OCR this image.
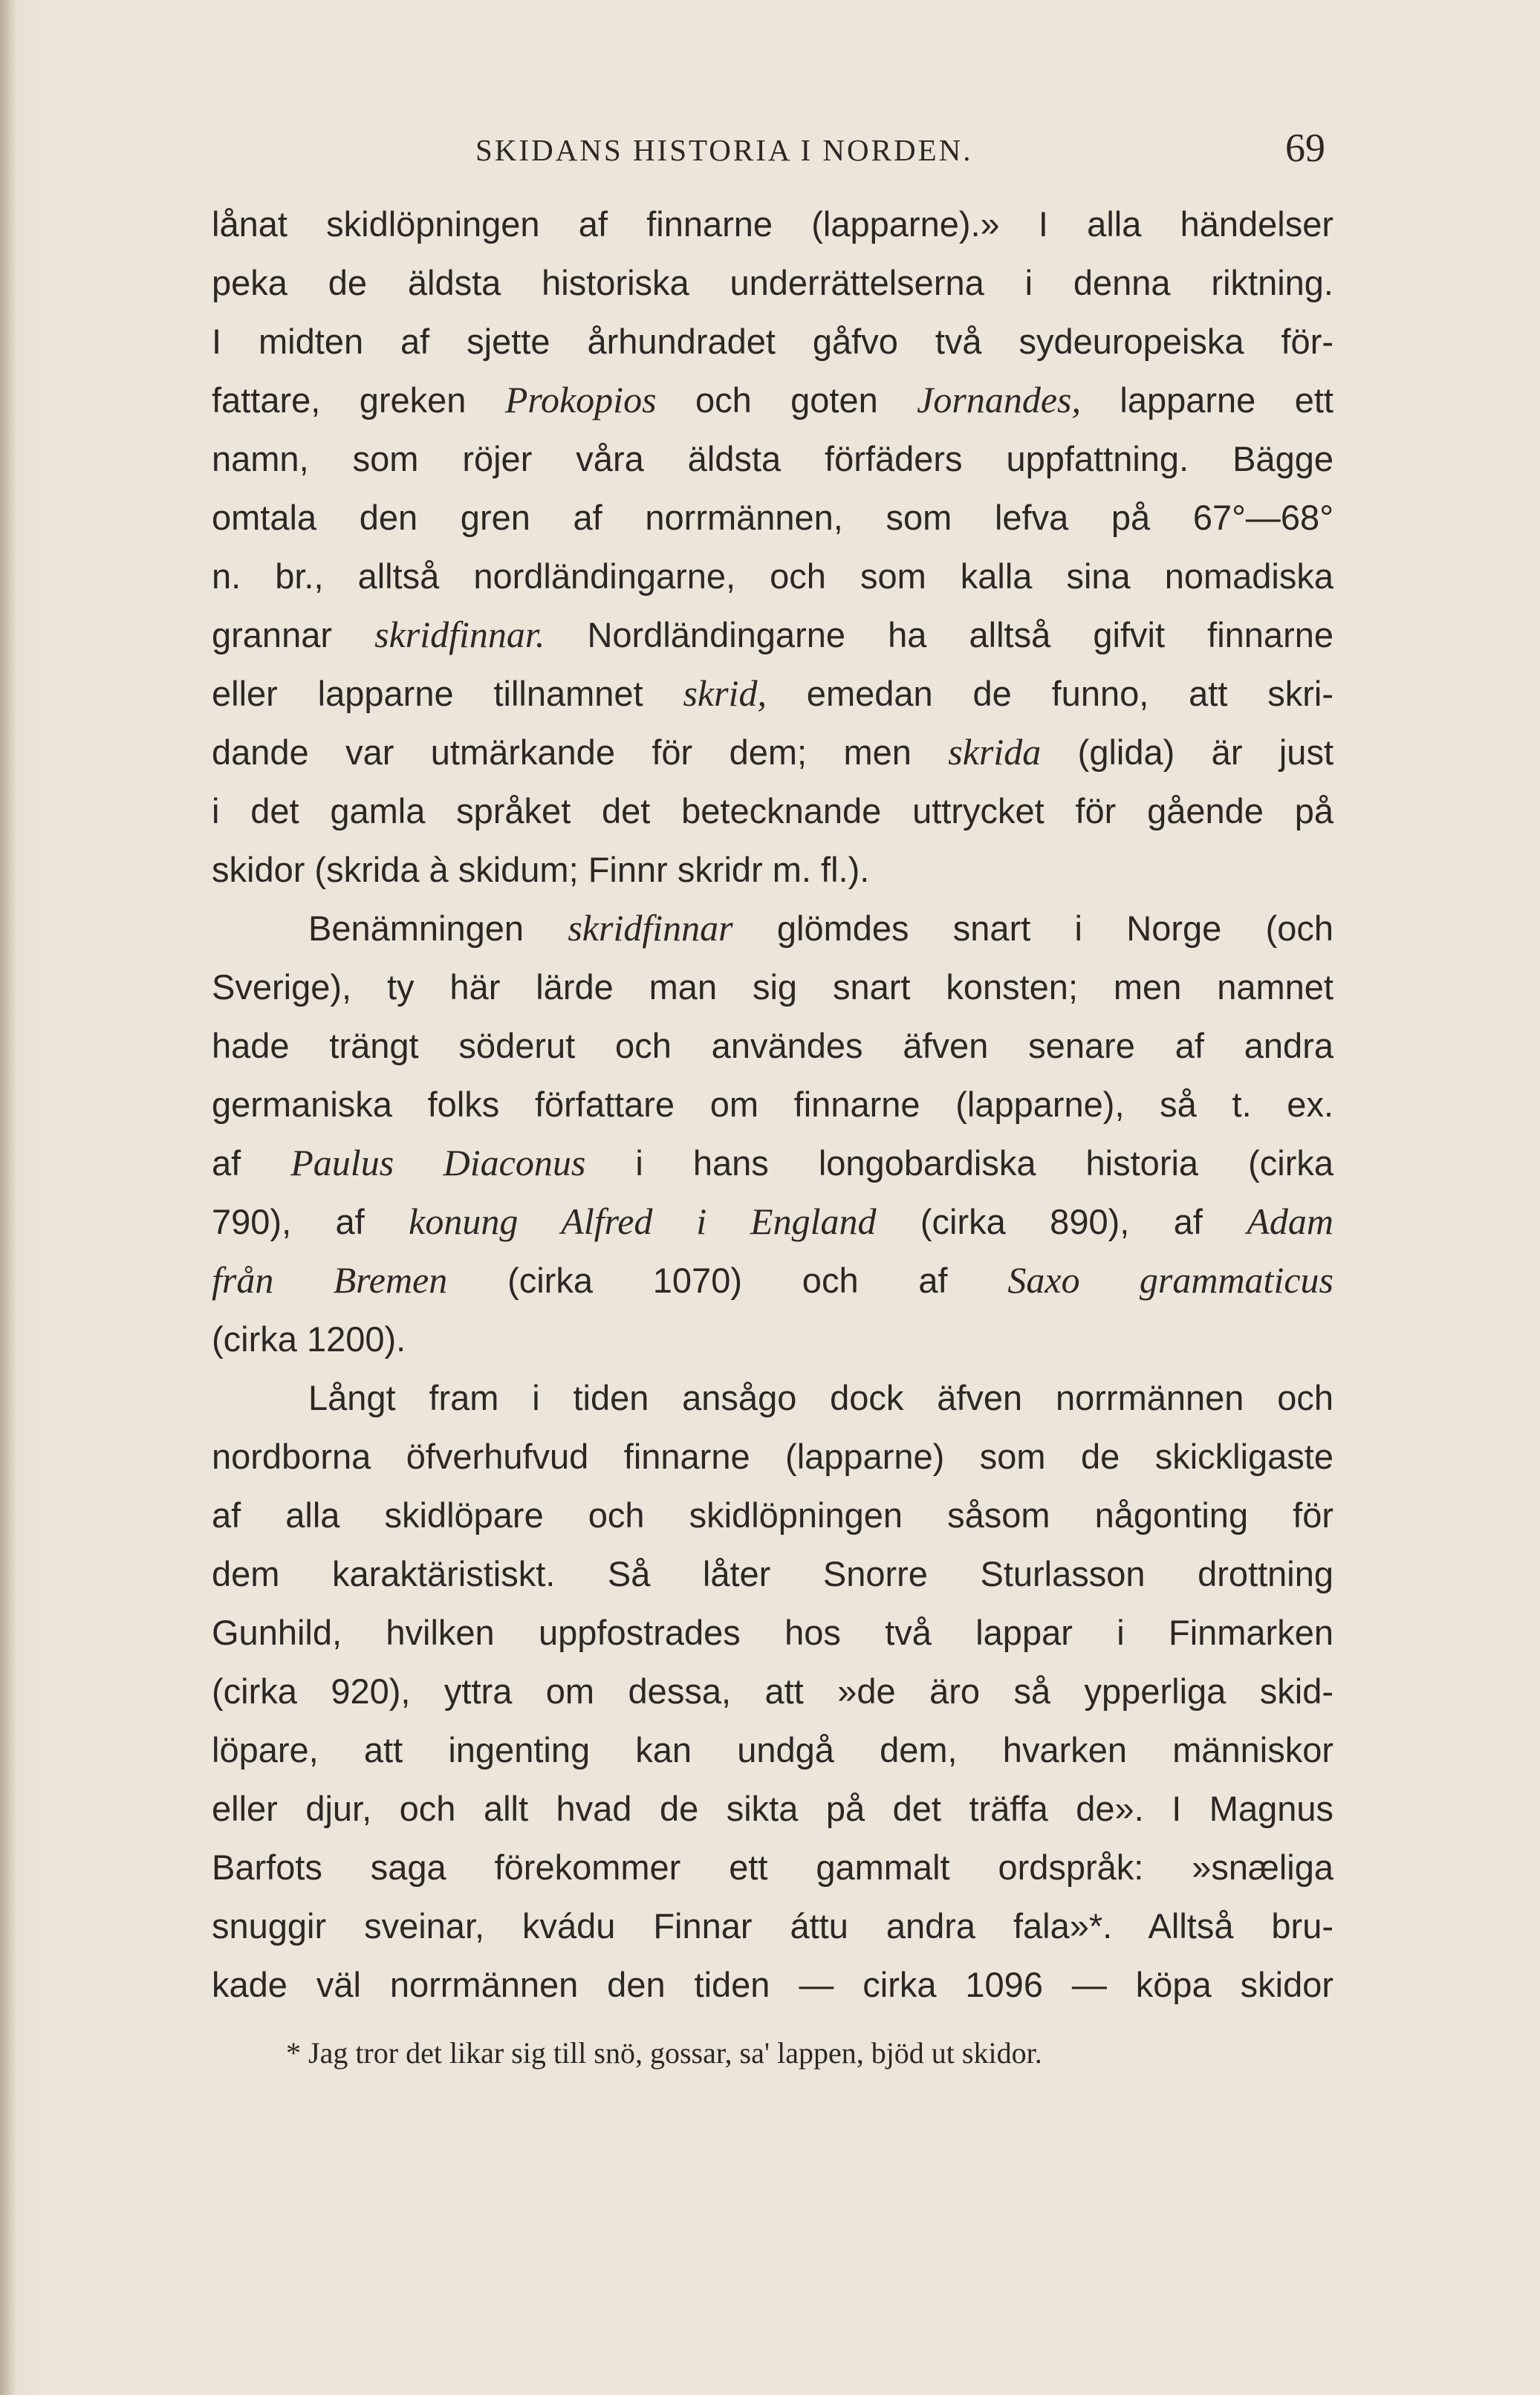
SKIDANS HISTORIA I NORDEN.	69
lånat skidlöpningen af finnarne (lapparne).» I alla händelser
peka de äldsta historiska underrättelserna i denna riktning.
I midten af sjette århundradet gåfvo två sydeuropeiska för-
fattare, greken Prokopios och goten Jornandes, lapparne ett
namn, som röjer våra äldsta förfäders uppfattning. Bägge
omtala den gren af norrmännen, som lefva på 67°—68°
n. br., alltså nordländingarne, och som kalla sina nomadiska
grannar skridfinnar. Nordländingarne ha alltså gifvit finnarne
eller lapparne tillnamnet skrid, emedan de funno, att skri-
dande var utmärkande för dem; men skrida (glida) är just
i det gamla språket det betecknande uttrycket för gående på
skidor (skrida à skidum; Finnr skridr m. fl.).
Benämningen skridfinnar glömdes snart i Norge (och
Sverige), ty här lärde man sig snart konsten; men namnet
hade trängt söderut och användes äfven senare af andra
germaniska folks författare om finnarne (lapparne), så t. ex.
af Paulus Diaconus i hans longobardiska historia (cirka
790), af konung Alfred i England (cirka 890), af Adam
från Bremen (cirka 1070) och af Saxo grammaticus
(cirka 1200).
Långt fram i tiden ansågo dock äfven norrmännen och
nordborna öfverhufvud finnarne (lapparne) som de skickligaste
af alla skidlöpare och skidlöpningen såsom någonting för
dem karaktäristiskt. Så låter Snorre Sturlasson drottning
Gunhild, hvilken uppfostrades hos två lappar i Finmarken
(cirka 920), yttra om dessa, att »de äro så ypperliga skid-
löpare, att ingenting kan undgå dem, hvarken människor
eller djur, och allt hvad de sikta på det träffa de». I Magnus
Barfots saga förekommer ett gammalt ordspråk: »snæliga
snuggir sveinar, kvádu Finnar áttu andra fala»*. Alltså bru-
kade väl norrmännen den tiden — cirka 1096 — köpa skidor
* Jag tror det likar sig till snö, gossar, sa' lappen, bjöd ut skidor.
